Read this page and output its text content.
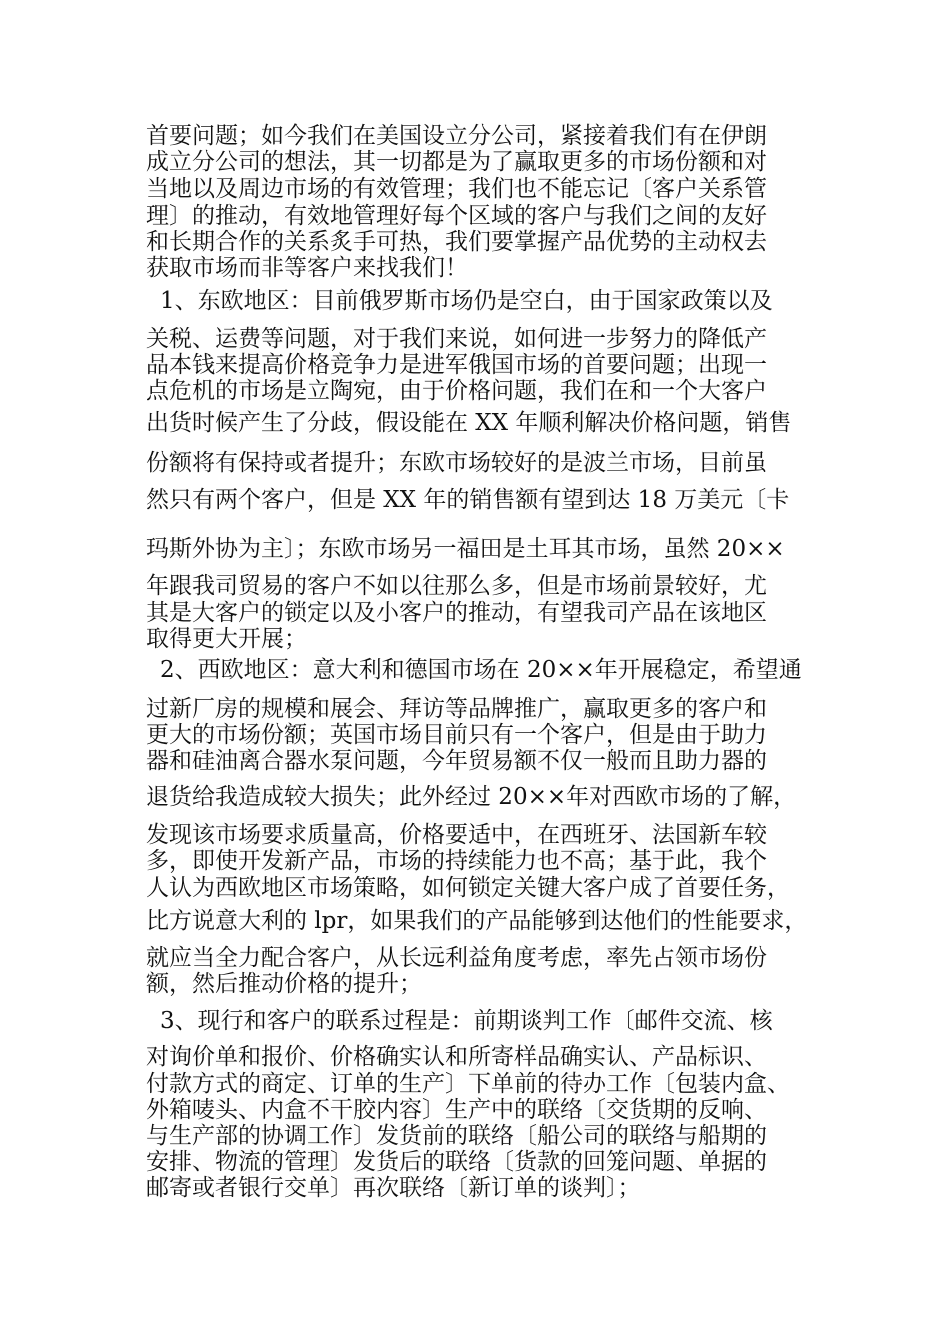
首要问题；如今我们在美国设立分公司，紧接着我们有在伊朗

成立分公司的想法，其一切都是为了赢取更多的市场份额和对

当地以及周边市场的有效管理；我们也不能忘记〔客户关系管

理〕的推动，有效地管理好每个区域的客户与我们之间的友好

和长期合作的关系炙手可热，我们要掌握产品优势的主动权去

获取市场而非等客户来找我们！

1、东欧地区：目前俄罗斯市场仍是空白，由于国家政策以及

关税、运费等问题，对于我们来说，如何进一步努力的降低产

品本钱来提高价格竞争力是进军俄国市场的首要问题；出现一

点危机的市场是立陶宛，由于价格问题，我们在和一个大客户

出货时候产生了分歧，假设能在 XX 年顺利解决价格问题，销售

份额将有保持或者提升；东欧市场较好的是波兰市场，目前虽

然只有两个客户，但是 XX 年的销售额有望到达 18 万美元〔卡

玛斯外协为主〕；东欧市场另一福田是土耳其市场，虽然 20××

年跟我司贸易的客户不如以往那么多，但是市场前景较好，尤

其是大客户的锁定以及小客户的推动，有望我司产品在该地区

取得更大开展；

2、西欧地区：意大利和德国市场在 20××年开展稳定，希望通

过新厂房的规模和展会、拜访等品牌推广，赢取更多的客户和

更大的市场份额；英国市场目前只有一个客户，但是由于助力

器和硅油离合器水泵问题，今年贸易额不仅一般而且助力器的

退货给我造成较大损失；此外经过 20××年对西欧市场的了解，

发现该市场要求质量高，价格要适中，在西班牙、法国新车较

多，即使开发新产品，市场的持续能力也不高；基于此，我个

人认为西欧地区市场策略，如何锁定关键大客户成了首要任务，

比方说意大利的 lpr，如果我们的产品能够到达他们的性能要求，

就应当全力配合客户，从长远利益角度考虑，率先占领市场份

额，然后推动价格的提升；

3、现行和客户的联系过程是：前期谈判工作〔邮件交流、核

对询价单和报价、价格确实认和所寄样品确实认、产品标识、

付款方式的商定、订单的生产〕下单前的待办工作〔包装内盒、

外箱唛头、内盒不干胶内容〕生产中的联络〔交货期的反响、

与生产部的协调工作〕发货前的联络〔船公司的联络与船期的

安排、物流的管理〕发货后的联络〔货款的回笼问题、单据的

邮寄或者银行交单〕再次联络〔新订单的谈判〕；
